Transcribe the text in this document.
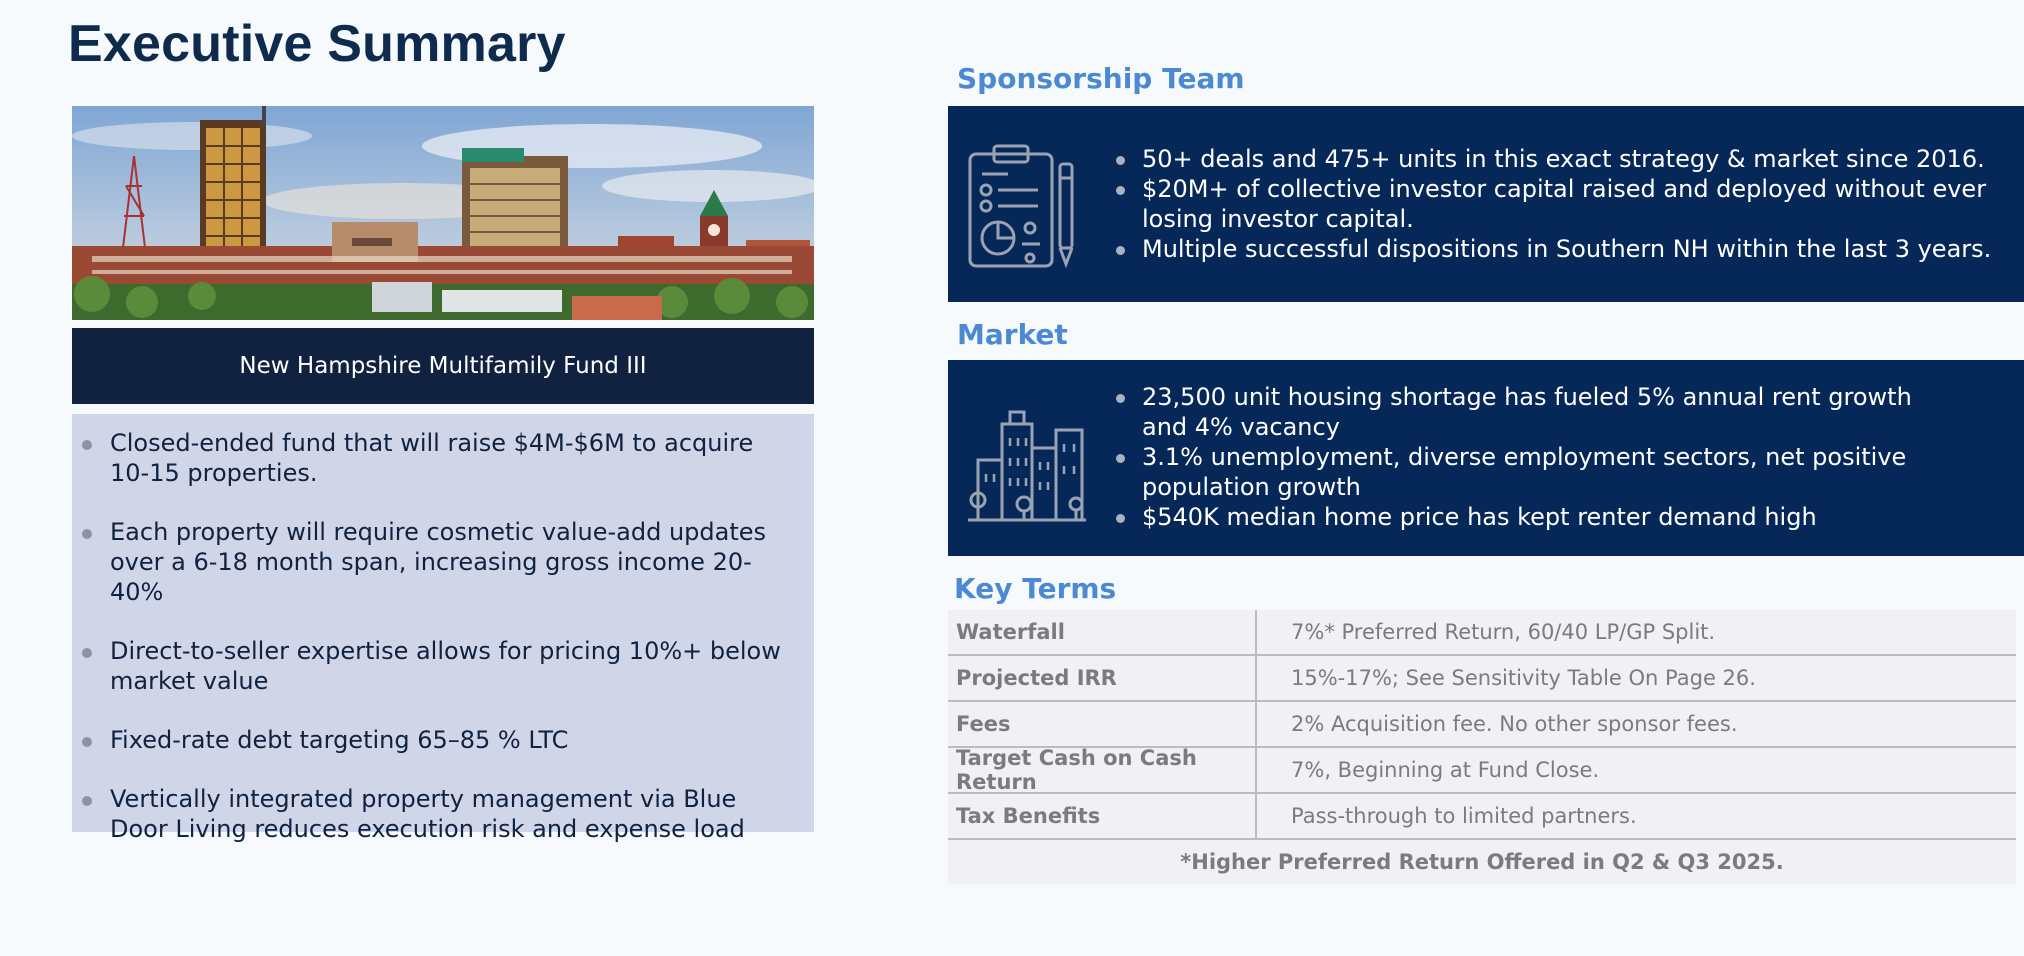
Executive Summary
New Hampshire Multifamily Fund III
Closed-ended fund that will raise $4M-$6M to acquire 10-15 properties.
Each property will require cosmetic value-add updates over a 6-18 month span, increasing gross income 20-40%
Direct-to-seller expertise allows for pricing 10%+ below market value
Fixed-rate debt targeting 65–85 % LTC
Vertically integrated property management via Blue Door Living reduces execution risk and expense load
Sponsorship Team
50+ deals and 475+ units in this exact strategy & market since 2016.
$20M+ of collective investor capital raised and deployed without ever losing investor capital.
Multiple successful dispositions in Southern NH within the last 3 years.
Market
23,500 unit housing shortage has fueled 5% annual rent growth and 4% vacancy
3.1% unemployment, diverse employment sectors, net positive population growth
$540K median home price has kept renter demand high
Key Terms
Waterfall	7%* Preferred Return, 60/40 LP/GP Split.
Projected IRR	15%-17%; See Sensitivity Table On Page 26.
Fees	2% Acquisition fee. No other sponsor fees.
Target Cash on Cash Return	7%, Beginning at Fund Close.
Tax Benefits	Pass-through to limited partners.
*Higher Preferred Return Offered in Q2 & Q3 2025.
